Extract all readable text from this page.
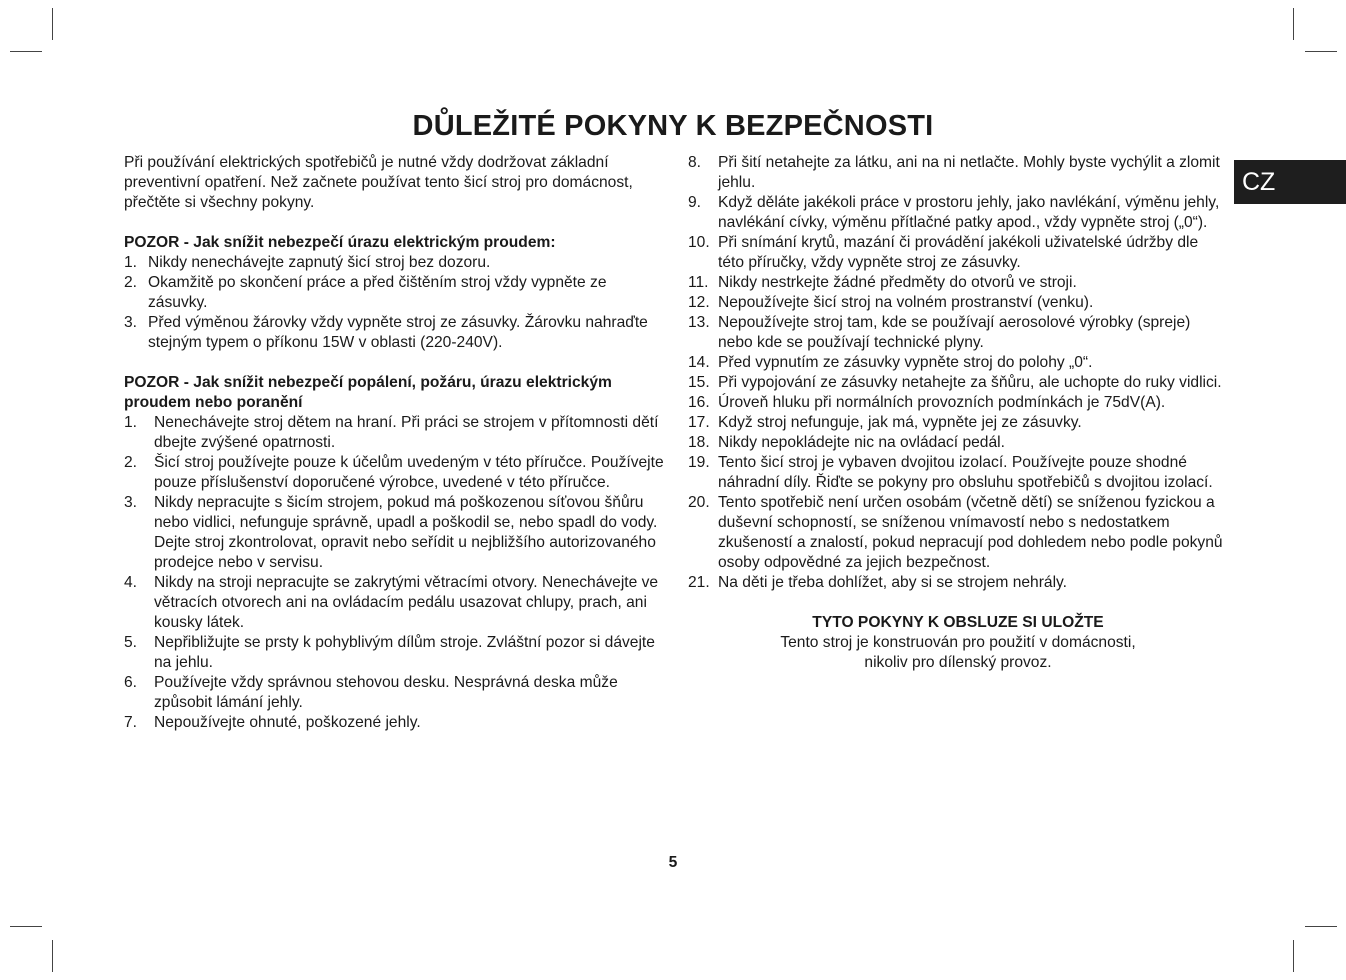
DŮLEŽITÉ POKYNY K BEZPEČNOSTI
CZ

Při používání elektrických spotřebičů je nutné vždy dodržovat základní preventivní opatření. Než začnete používat tento šicí stroj pro domácnost, přečtěte si všechny pokyny.

POZOR - Jak snížit nebezpečí úrazu elektrickým proudem:

1. Nikdy nenechávejte zapnutý šicí stroj bez dozoru.
2. Okamžitě po skončení práce a před čištěním stroj vždy vypněte ze zásuvky.
3. Před výměnou žárovky vždy vypněte stroj ze zásuvky. Žárovku nahraďte stejným typem o příkonu 15W v oblasti (220-240V).

POZOR - Jak snížit nebezpečí popálení, požáru, úrazu elektrickým proudem nebo poranění

1.	Nenechávejte stroj dětem na hraní. Při práci se strojem v přítomnosti dětí dbejte zvýšené opatrnosti.
2.	Šicí stroj používejte pouze k účelům uvedeným v této příručce. Používejte pouze příslušenství doporučené výrobce, uvedené v této příručce.
3.	Nikdy nepracujte s šicím strojem, pokud má poškozenou síťovou šňůru nebo vidlici, nefunguje správně, upadl a poškodil se, nebo spadl do vody. Dejte stroj zkontrolovat, opravit nebo seřídit u nejbližšího autorizovaného prodejce nebo v servisu.
4.	Nikdy na stroji nepracujte se zakrytými větracími otvory. Nenechávejte ve větracích otvorech ani na ovládacím pedálu usazovat chlupy, prach, ani kousky látek.
5.	Nepřibližujte se prsty k pohyblivým dílům stroje. Zvláštní pozor si dávejte na jehlu.
6.	Používejte vždy správnou stehovou desku. Nesprávná deska může způsobit lámání jehly.
7.	Nepoužívejte ohnuté, poškozené jehly.
8.	Při šití netahejte za látku, ani na ni netlačte. Mohly byste vychýlit a zlomit jehlu.
9.	Když děláte jakékoli práce v prostoru jehly, jako navlékání, výměnu jehly, navlékání cívky, výměnu přítlačné patky apod., vždy vypněte stroj („0“).
10. Při snímání krytů, mazání či provádění jakékoli uživatelské údržby dle této příručky, vždy vypněte stroj ze zásuvky.
11. Nikdy nestrkejte žádné předměty do otvorů ve stroji.
12. Nepoužívejte šicí stroj na volném prostranství (venku).
13. Nepoužívejte stroj tam, kde se používají aerosolové výrobky (spreje) nebo kde se používají technické plyny.
14. Před vypnutím ze zásuvky vypněte stroj do polohy „0“.
15. Při vypojování ze zásuvky netahejte za šňůru, ale uchopte do ruky vidlici.
16. Úroveň hluku při normálních provozních podmínkách je 75dV(A).
17. Když stroj nefunguje, jak má, vypněte jej ze zásuvky.
18. Nikdy nepokládejte nic na ovládací pedál.
19. Tento šicí stroj je vybaven dvojitou izolací. Používejte pouze shodné náhradní díly. Řiďte se pokyny pro obsluhu spotřebičů s dvojitou izolací.
20. Tento spotřebič není určen osobám (včetně dětí) se sníženou fyzickou a duševní schopností, se sníženou vnímavostí nebo s nedostatkem zkušeností a znalostí, pokud nepracují pod dohledem nebo podle pokynů osoby odpovědné za jejich bezpečnost.
21. Na děti je třeba dohlížet, aby si se strojem nehrály.

TYTO POKYNY K OBSLUZE SI ULOŽTE

Tento stroj je konstruován pro použití v domácnosti,

nikoliv pro dílenský provoz.

5
